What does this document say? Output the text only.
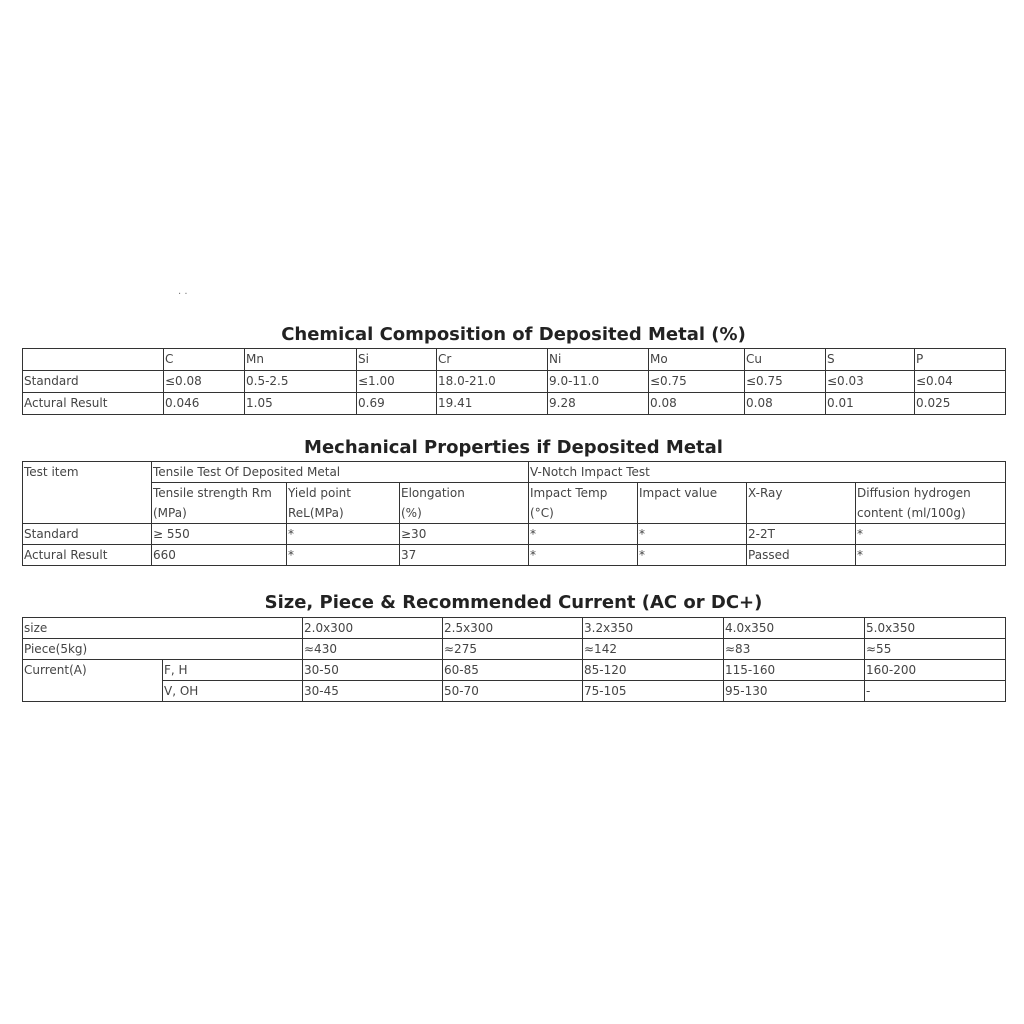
· ·
Chemical Composition of Deposited Metal (%)
	C	Mn	Si	Cr	Ni	Mo	Cu	S	P
Standard	≤0.08	0.5-2.5	≤1.00	18.0-21.0	9.0-11.0	≤0.75	≤0.75	≤0.03	≤0.04
Actural Result	0.046	1.05	0.69	19.41	9.28	0.08	0.08	0.01	0.025
Mechanical Properties if Deposited Metal
Test item	Tensile Test Of Deposited Metal			V-Notch Impact Test			
	Tensile strength Rm	Yield point	Elongation	Impact Temp	Impact value	X-Ray	Diffusion hydrogen
	(MPa)	ReL(MPa)	(%)	(°C)			content (ml/100g)
Standard	≥ 550	*	≥30	*	*	2-2T	*
Actural Result	660	*	37	*	*	Passed	*
Size, Piece & Recommended Current (AC or DC+)
size		2.0x300	2.5x300	3.2x350	4.0x350	5.0x350
Piece(5kg)		≈430	≈275	≈142	≈83	≈55
Current(A)	F, H	30-50	60-85	85-120	115-160	160-200
	V, OH	30-45	50-70	75-105	95-130	-
